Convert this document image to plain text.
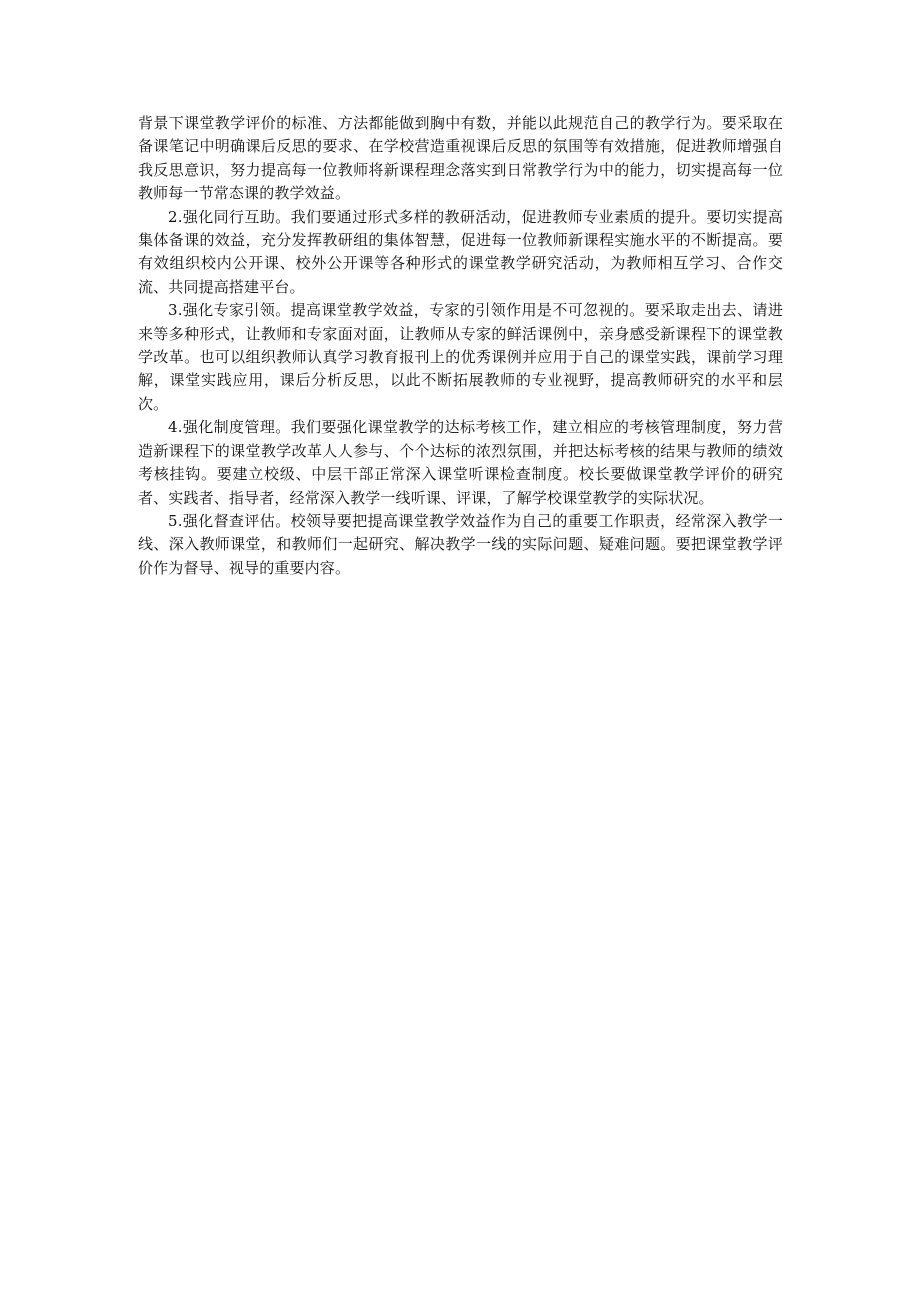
背景下课堂教学评价的标准、方法都能做到胸中有数，并能以此规范自己的教学行为。要采取在备课笔记中明确课后反思的要求、在学校营造重视课后反思的氛围等有效措施，促进教师增强自我反思意识，努力提高每一位教师将新课程理念落实到日常教学行为中的能力，切实提高每一位教师每一节常态课的教学效益。

2.强化同行互助。我们要通过形式多样的教研活动，促进教师专业素质的提升。要切实提高集体备课的效益，充分发挥教研组的集体智慧，促进每一位教师新课程实施水平的不断提高。要有效组织校内公开课、校外公开课等各种形式的课堂教学研究活动，为教师相互学习、合作交流、共同提高搭建平台。

3.强化专家引领。提高课堂教学效益，专家的引领作用是不可忽视的。要采取走出去、请进来等多种形式，让教师和专家面对面，让教师从专家的鲜活课例中，亲身感受新课程下的课堂教学改革。也可以组织教师认真学习教育报刊上的优秀课例并应用于自己的课堂实践，课前学习理解，课堂实践应用，课后分析反思，以此不断拓展教师的专业视野，提高教师研究的水平和层次。

4.强化制度管理。我们要强化课堂教学的达标考核工作，建立相应的考核管理制度，努力营造新课程下的课堂教学改革人人参与、个个达标的浓烈氛围，并把达标考核的结果与教师的绩效考核挂钩。要建立校级、中层干部正常深入课堂听课检查制度。校长要做课堂教学评价的研究者、实践者、指导者，经常深入教学一线听课、评课，了解学校课堂教学的实际状况。

5.强化督查评估。校领导要把提高课堂教学效益作为自己的重要工作职责，经常深入教学一线、深入教师课堂，和教师们一起研究、解决教学一线的实际问题、疑难问题。要把课堂教学评价作为督导、视导的重要内容。
